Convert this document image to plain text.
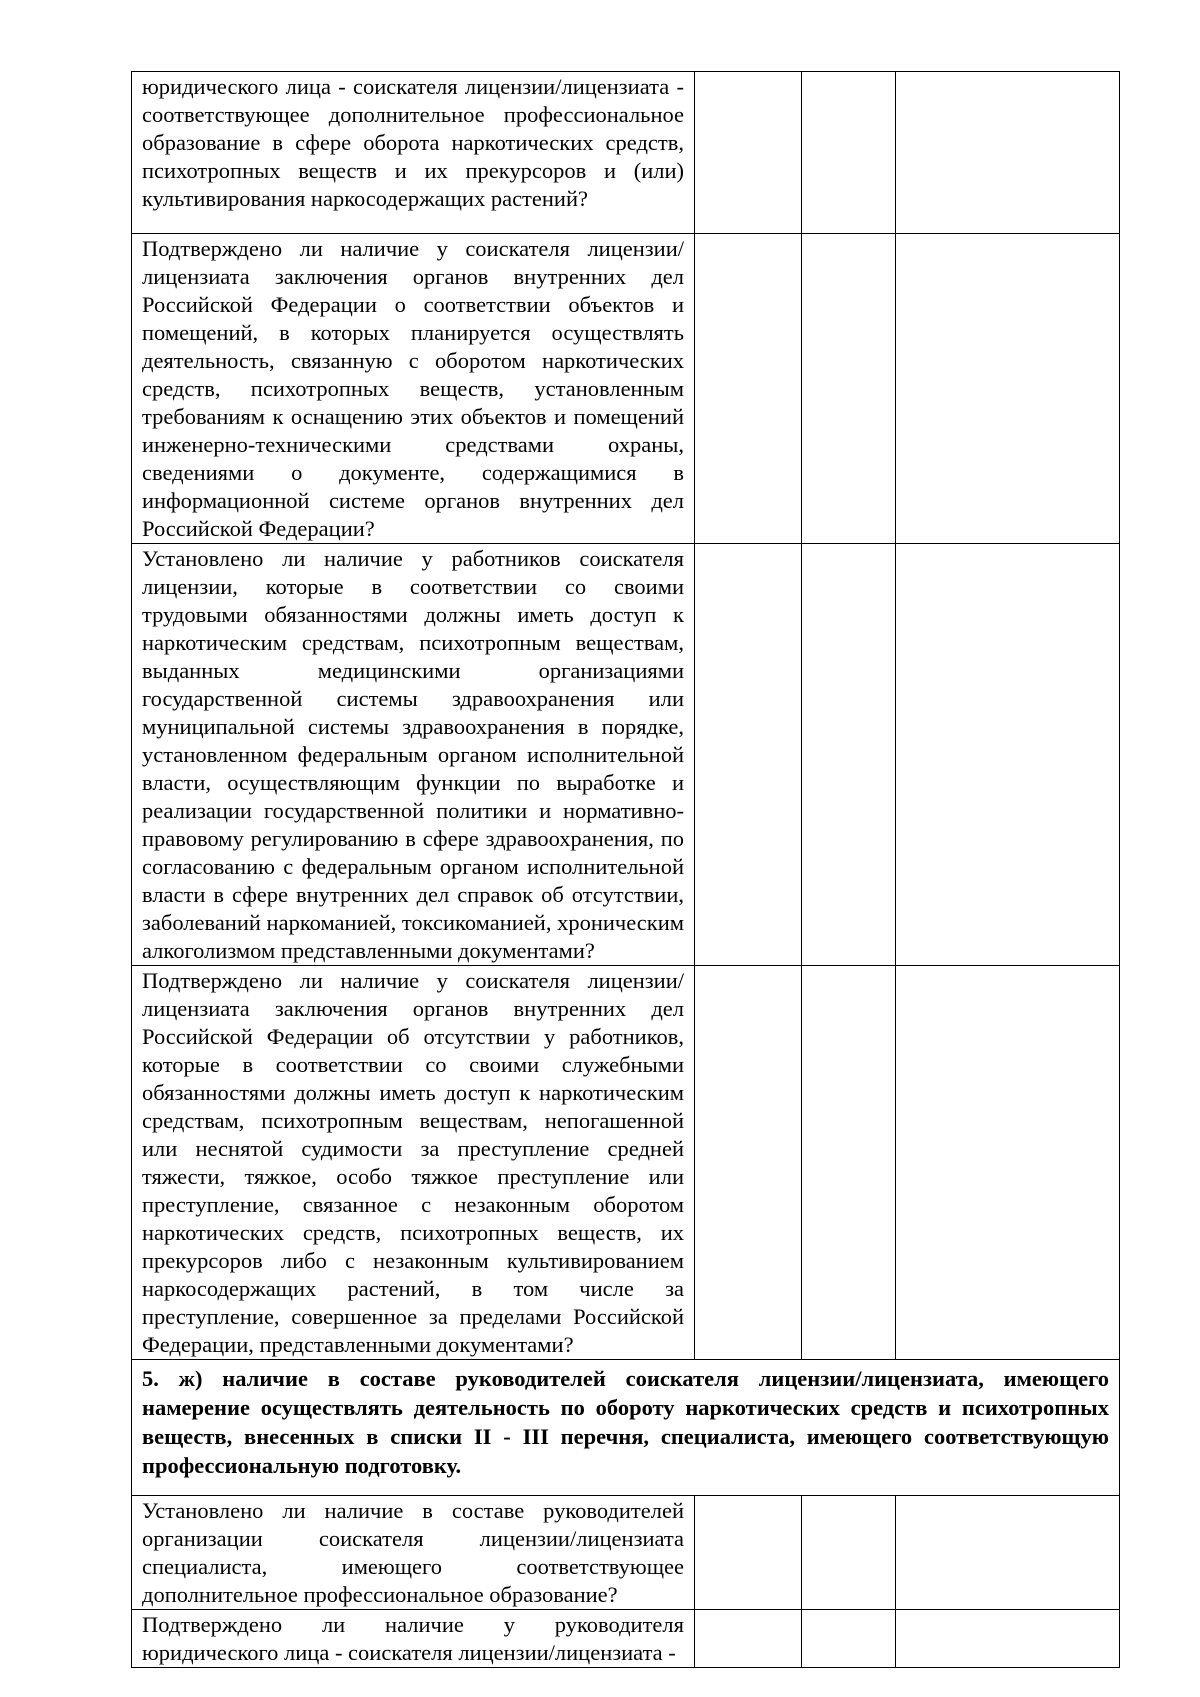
юридического лица - соискателя лицензии/лицензиата - соответствующее дополнительное профессиональное образование в сфере оборота наркотических средств, психотропных веществ и их прекурсоров и (или) культивирования наркосодержащих растений?			

Подтверждено ли наличие у соискателя лицензии/лицензиата заключения органов внутренних дел Российской Федерации о соответствии объектов и помещений, в которых планируется осуществлять деятельность, связанную с оборотом наркотических средств, психотропных веществ, установленным требованиям к оснащению этих объектов и помещений инженерно-техническими средствами охраны, сведениями о документе, содержащимися в информационной системе органов внутренних дел Российской Федерации?			

Установлено ли наличие у работников соискателя лицензии, которые в соответствии со своими трудовыми обязанностями должны иметь доступ к наркотическим средствам, психотропным веществам, выданных медицинскими организациями государственной системы здравоохранения или муниципальной системы здравоохранения в порядке, установленном федеральным органом исполнительной власти, осуществляющим функции по выработке и реализации государственной политики и нормативно-правовому регулированию в сфере здравоохранения, по согласованию с федеральным органом исполнительной власти в сфере внутренних дел справок об отсутствии, заболеваний наркоманией, токсикоманией, хроническим алкоголизмом представленными документами?			

Подтверждено ли наличие у соискателя лицензии/лицензиата заключения органов внутренних дел Российской Федерации об отсутствии у работников, которые в соответствии со своими служебными обязанностями должны иметь доступ к наркотическим средствам, психотропным веществам, непогашенной или неснятой судимости за преступление средней тяжести, тяжкое, особо тяжкое преступление или преступление, связанное с незаконным оборотом наркотических средств, психотропных веществ, их прекурсоров либо с незаконным культивированием наркосодержащих растений, в том числе за преступление, совершенное за пределами Российской Федерации, представленными документами?			

5. ж) наличие в составе руководителей соискателя лицензии/лицензиата, имеющего намерение осуществлять деятельность по обороту наркотических средств и психотропных веществ, внесенных в списки II - III перечня, специалиста, имеющего соответствующую профессиональную подготовку.			

Установлено ли наличие в составе руководителей организации соискателя лицензии/лицензиата специалиста, имеющего соответствующее дополнительное профессиональное образование?			

Подтверждено ли наличие у руководителя юридического лица - соискателя лицензии/лицензиата -			
